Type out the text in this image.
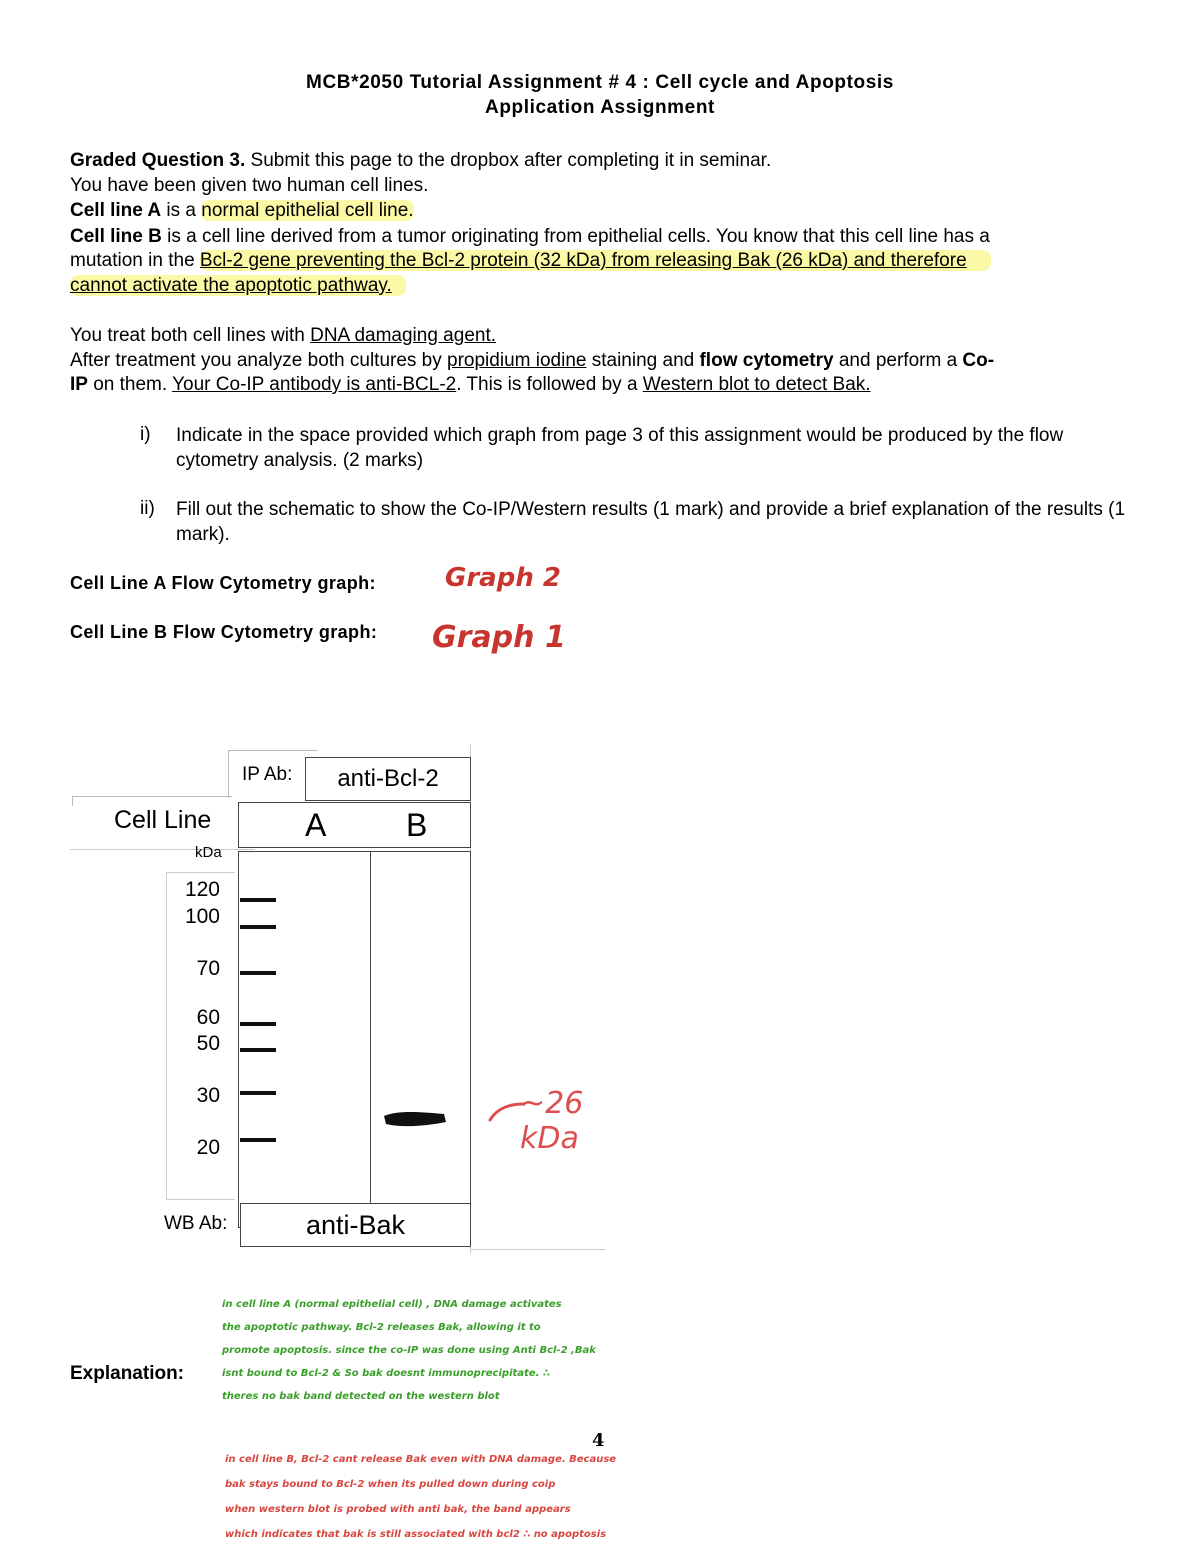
MCB*2050 Tutorial Assignment # 4 : Cell cycle and Apoptosis
Application Assignment
Graded Question 3. Submit this page to the dropbox after completing it in seminar.
You have been given two human cell lines.
Cell line A is a normal epithelial cell line.
Cell line B is a cell line derived from a tumor originating from epithelial cells. You know that this cell line has a
mutation in the Bcl-2 gene preventing the Bcl-2 protein (32 kDa) from releasing Bak (26 kDa) and therefore
cannot activate the apoptotic pathway.
You treat both cell lines with DNA damaging agent.
After treatment you analyze both cultures by propidium iodine staining and flow cytometry and perform a Co-
IP on them. Your Co-IP antibody is anti-BCL-2. This is followed by a Western blot to detect Bak.
i) Indicate in the space provided which graph from page 3 of this assignment would be produced by the flow cytometry analysis. (2 marks)
ii) Fill out the schematic to show the Co-IP/Western results (1 mark) and provide a brief explanation of the results (1 mark).
Cell Line A Flow Cytometry graph:	Graph 2
Cell Line B Flow Cytometry graph: Graph 1
IP Ab:	anti-Bcl-2
Cell Line	A B
kDa
120
100
70
60
50
30
20
~26 kDa
WB Ab:	anti-Bak
Explanation:
in cell line A (normal epithelial cell) , DNA damage activates
the apoptotic pathway. Bcl-2 releases Bak, allowing it to
promote apoptosis. since the co-IP was done using Anti Bcl-2 ,Bak
isnt bound to Bcl-2 & So bak doesnt immunoprecipitate. ∴
theres no bak band detected on the western blot
4
in cell line B, Bcl-2 cant release Bak even with DNA damage. Because
bak stays bound to Bcl-2 when its pulled down during coip
when western blot is probed with anti bak, the band appears
which indicates that bak is still associated with bcl2 ∴ no apoptosis
